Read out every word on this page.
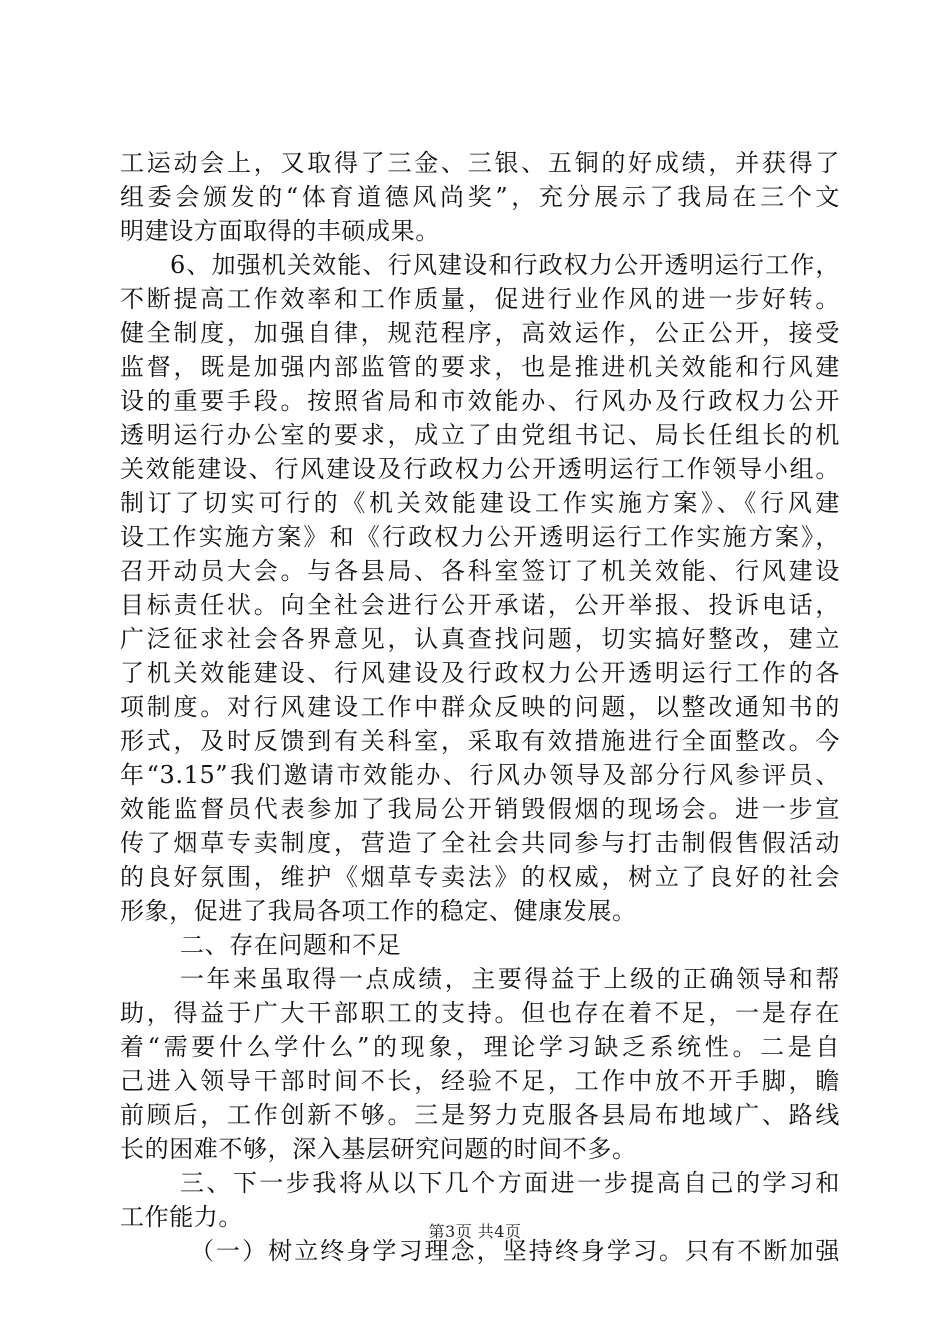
工运动会上，又取得了三金、三银、五铜的好成绩，并获得了
组委会颁发的“体育道德风尚奖”，充分展示了我局在三个文
明建设方面取得的丰硕成果。
6、加强机关效能、行风建设和行政权力公开透明运行工作，
不断提高工作效率和工作质量，促进行业作风的进一步好转。
健全制度，加强自律，规范程序，高效运作，公正公开，接受
监督，既是加强内部监管的要求，也是推进机关效能和行风建
设的重要手段。按照省局和市效能办、行风办及行政权力公开
透明运行办公室的要求，成立了由党组书记、局长任组长的机
关效能建设、行风建设及行政权力公开透明运行工作领导小组。
制订了切实可行的《机关效能建设工作实施方案》、《行风建
设工作实施方案》和《行政权力公开透明运行工作实施方案》，
召开动员大会。与各县局、各科室签订了机关效能、行风建设
目标责任状。向全社会进行公开承诺，公开举报、投诉电话，
广泛征求社会各界意见，认真查找问题，切实搞好整改，建立
了机关效能建设、行风建设及行政权力公开透明运行工作的各
项制度。对行风建设工作中群众反映的问题，以整改通知书的
形式，及时反馈到有关科室，采取有效措施进行全面整改。今
年“3.15”我们邀请市效能办、行风办领导及部分行风参评员、
效能监督员代表参加了我局公开销毁假烟的现场会。进一步宣
传了烟草专卖制度，营造了全社会共同参与打击制假售假活动
的良好氛围，维护《烟草专卖法》的权威，树立了良好的社会
形象，促进了我局各项工作的稳定、健康发展。
二、存在问题和不足
一年来虽取得一点成绩，主要得益于上级的正确领导和帮
助，得益于广大干部职工的支持。但也存在着不足，一是存在
着“需要什么学什么”的现象，理论学习缺乏系统性。二是自
己进入领导干部时间不长，经验不足，工作中放不开手脚，瞻
前顾后，工作创新不够。三是努力克服各县局布地域广、路线
长的困难不够，深入基层研究问题的时间不多。
三、下一步我将从以下几个方面进一步提高自己的学习和
工作能力。
（一）树立终身学习理念，坚持终身学习。只有不断加强
第3页 共4页
